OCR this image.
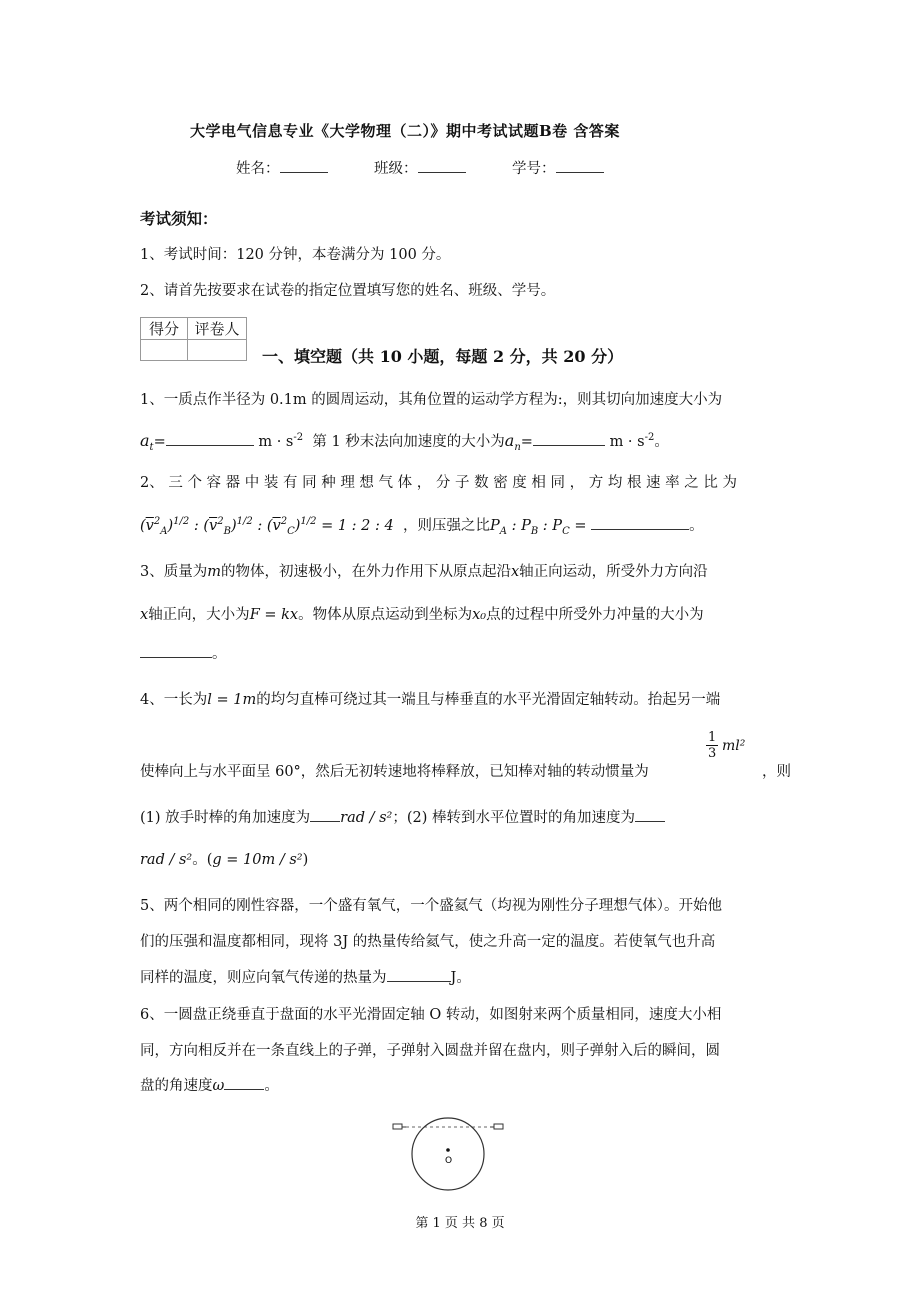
大学电气信息专业《大学物理（二）》期中考试试题B卷 含答案
姓名：	班级：	学号：
考试须知：
1、考试时间：120 分钟，本卷满分为 100 分。
2、请首先按要求在试卷的指定位置填写您的姓名、班级、学号。
得分	评卷人

一、填空题（共 10 小题，每题 2 分，共 20 分）
1、一质点作半径为 0.1m 的圆周运动，其角位置的运动学方程为:，则其切向加速度大小为
$a_t=$	$m \cdot s^{-2}$ 第 1 秒末法向加速度的大小为$a_n=$	$m \cdot s^{-2}$。
2、 三 个 容 器 中 装 有 同 种 理 想 气 体 ， 分 子 数 密 度 相 同 ， 方 均 根 速 率 之 比 为
$(\overline{v}^2_A)^{1/2}$ : $(\overline{v}^2_B)^{1/2}$ : $(\overline{v}^2_C)^{1/2} = 1$ : 2 : 4 ，则压强之比$P_A$ : $P_B$ : $P_C$ =	。
3、质量为m的物体，初速极小，在外力作用下从原点起沿x轴正向运动，所受外力方向沿
x轴正向，大小为F = kx。物体从原点运动到坐标为x₀点的过程中所受外力冲量的大小为
。
4、一长为l = 1m的均匀直棒可绕过其一端且与棒垂直的水平光滑固定轴转动。抬起另一端
1
3 ml²
使棒向上与水平面呈 60°，然后无初转速地将棒释放，已知棒对轴的转动惯量为	，则
(1) 放手时棒的角加速度为 rad / s²；(2) 棒转到水平位置时的角加速度为
rad / s²。(g = 10m / s²)
5、两个相同的刚性容器，一个盛有氧气，一个盛氦气（均视为刚性分子理想气体）。开始他
们的压强和温度都相同，现将 3J 的热量传给氦气，使之升高一定的温度。若使氧气也升高
同样的温度，则应向氧气传递的热量为	J。
6、一圆盘正绕垂直于盘面的水平光滑固定轴 O 转动，如图射来两个质量相同，速度大小相
同，方向相反并在一条直线上的子弹，子弹射入圆盘并留在盘内，则子弹射入后的瞬间，圆
盘的角速度ω	。
O
第 1 页 共 8 页
